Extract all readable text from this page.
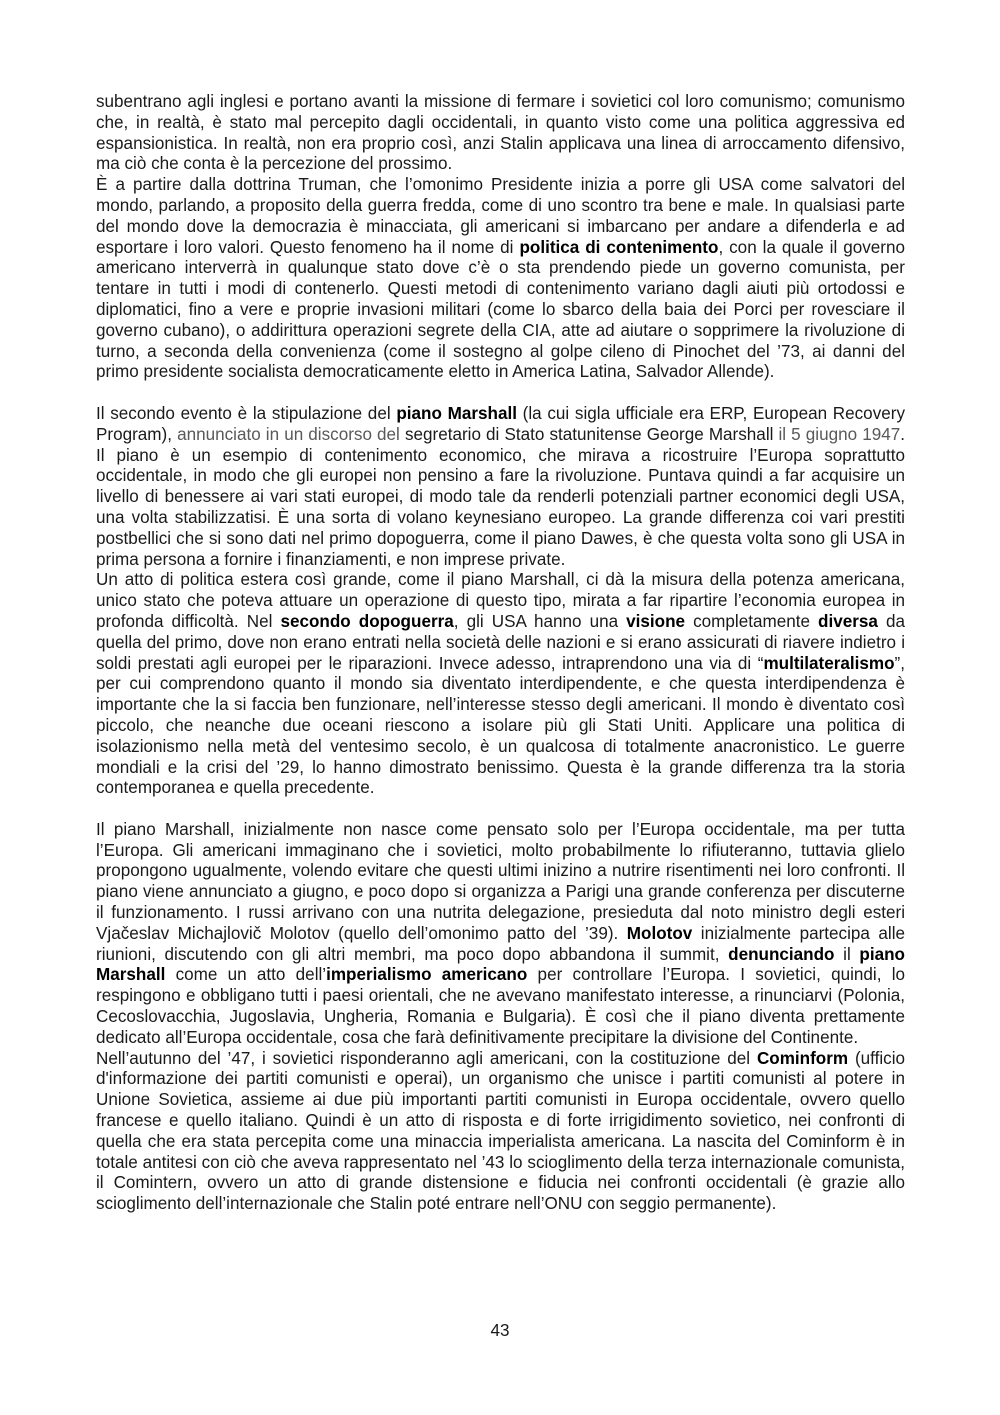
subentrano agli inglesi e portano avanti la missione di fermare i sovietici col loro comunismo; comunismo che, in realtà, è stato mal percepito dagli occidentali, in quanto visto come una politica aggressiva ed espansionistica. In realtà, non era proprio così, anzi Stalin applicava una linea di arroccamento difensivo, ma ciò che conta è la percezione del prossimo.

È a partire dalla dottrina Truman, che l’omonimo Presidente inizia a porre gli USA come salvatori del mondo, parlando, a proposito della guerra fredda, come di uno scontro tra bene e male. In qualsiasi parte del mondo dove la democrazia è minacciata, gli americani si imbarcano per andare a difenderla e ad esportare i loro valori. Questo fenomeno ha il nome di politica di contenimento, con la quale il governo americano interverrà in qualunque stato dove c’è o sta prendendo piede un governo comunista, per tentare in tutti i modi di contenerlo. Questi metodi di contenimento variano dagli aiuti più ortodossi e diplomatici, fino a vere e proprie invasioni militari (come lo sbarco della baia dei Porci per rovesciare il governo cubano), o addirittura operazioni segrete della CIA, atte ad aiutare o sopprimere la rivoluzione di turno, a seconda della convenienza (come il sostegno al golpe cileno di Pinochet del ’73, ai danni del primo presidente socialista democraticamente eletto in America Latina, Salvador Allende).

Il secondo evento è la stipulazione del piano Marshall (la cui sigla ufficiale era ERP, European Recovery Program), annunciato in un discorso del segretario di Stato statunitense George Marshall il 5 giugno 1947. Il piano è un esempio di contenimento economico, che mirava a ricostruire l’Europa soprattutto occidentale, in modo che gli europei non pensino a fare la rivoluzione. Puntava quindi a far acquisire un livello di benessere ai vari stati europei, di modo tale da renderli potenziali partner economici degli USA, una volta stabilizzatisi. È una sorta di volano keynesiano europeo. La grande differenza coi vari prestiti postbellici che si sono dati nel primo dopoguerra, come il piano Dawes, è che questa volta sono gli USA in prima persona a fornire i finanziamenti, e non imprese private.

Un atto di politica estera così grande, come il piano Marshall, ci dà la misura della potenza americana, unico stato che poteva attuare un operazione di questo tipo, mirata a far ripartire l’economia europea in profonda difficoltà. Nel secondo dopoguerra, gli USA hanno una visione completamente diversa da quella del primo, dove non erano entrati nella società delle nazioni e si erano assicurati di riavere indietro i soldi prestati agli europei per le riparazioni. Invece adesso, intraprendono una via di “multilateralismo”, per cui comprendono quanto il mondo sia diventato interdipendente, e che questa interdipendenza è importante che la si faccia ben funzionare, nell’interesse stesso degli americani. Il mondo è diventato così piccolo, che neanche due oceani riescono a isolare più gli Stati Uniti. Applicare una politica di isolazionismo nella metà del ventesimo secolo, è un qualcosa di totalmente anacronistico. Le guerre mondiali e la crisi del ’29, lo hanno dimostrato benissimo. Questa è la grande differenza tra la storia contemporanea e quella precedente.

Il piano Marshall, inizialmente non nasce come pensato solo per l’Europa occidentale, ma per tutta l’Europa. Gli americani immaginano che i sovietici, molto probabilmente lo rifiuteranno, tuttavia glielo propongono ugualmente, volendo evitare che questi ultimi inizino a nutrire risentimenti nei loro confronti. Il piano viene annunciato a giugno, e poco dopo si organizza a Parigi una grande conferenza per discuterne il funzionamento. I russi arrivano con una nutrita delegazione, presieduta dal noto ministro degli esteri Vjačeslav Michajlovič Molotov (quello dell’omonimo patto del ’39). Molotov inizialmente partecipa alle riunioni, discutendo con gli altri membri, ma poco dopo abbandona il summit, denunciando il piano Marshall come un atto dell’imperialismo americano per controllare l’Europa. I sovietici, quindi, lo respingono e obbligano tutti i paesi orientali, che ne avevano manifestato interesse, a rinunciarvi (Polonia, Cecoslovacchia, Jugoslavia, Ungheria, Romania e Bulgaria). È così che il piano diventa prettamente dedicato all’Europa occidentale, cosa che farà definitivamente precipitare la divisione del Continente.

Nell’autunno del ’47, i sovietici risponderanno agli americani, con la costituzione del Cominform (ufficio d'informazione dei partiti comunisti e operai), un organismo che unisce i partiti comunisti al potere in Unione Sovietica, assieme ai due più importanti partiti comunisti in Europa occidentale, ovvero quello francese e quello italiano. Quindi è un atto di risposta e di forte irrigidimento sovietico, nei confronti di quella che era stata percepita come una minaccia imperialista americana. La nascita del Cominform è in totale antitesi con ciò che aveva rappresentato nel ’43 lo scioglimento della terza internazionale comunista, il Comintern, ovvero un atto di grande distensione e fiducia nei confronti occidentali (è grazie allo scioglimento dell’internazionale che Stalin poté entrare nell’ONU con seggio permanente).

43
